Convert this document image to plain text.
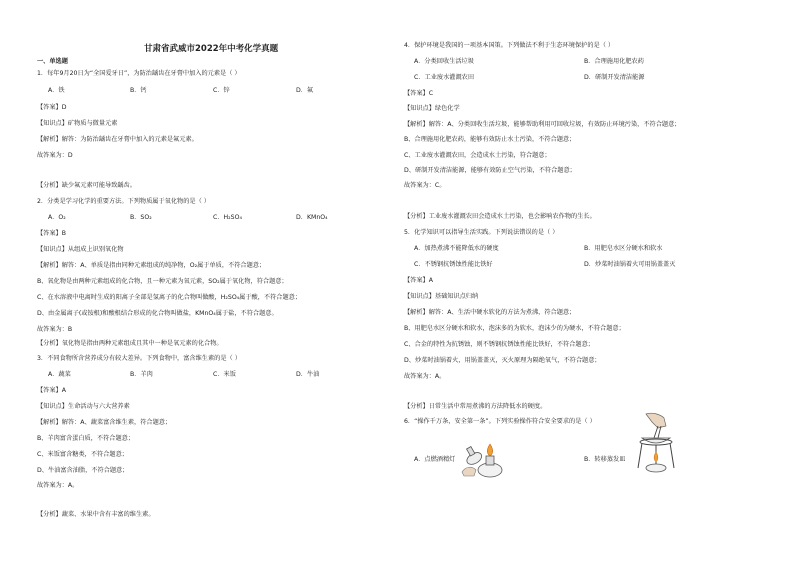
甘肃省武威市2022年中考化学真题
一、单选题
1．每年9月20日为“全国爱牙日”，为防治龋齿在牙膏中加入的元素是（ ）
A．铁	B．钙	C．锌	D．氟
【答案】D
【知识点】矿物质与微量元素
【解析】解答：为防治龋齿在牙膏中加入的元素是氟元素。
故答案为：D
【分析】缺少氟元素可能导致龋齿。
2．分类是学习化学的重要方法。下列物质属于氧化物的是（ ）
A．O₂	B．SO₂	C．H₂SO₄	D．KMnO₄
【答案】B
【知识点】从组成上识别氧化物
【解析】解答：A、单质是指由同种元素组成的纯净物，O₂属于单质，不符合题意；
B、氧化物是由两种元素组成的化合物，且一种元素为氧元素，SO₂属于氧化物，符合题意；
C、在水溶液中电离时生成的阳离子全部是氢离子的化合物叫做酸，H₂SO₄属于酸，不符合题意；
D、由金属离子(或铵根)和酸根结合形成的化合物叫做盐，KMnO₄属于盐，不符合题意。
故答案为：B
【分析】氧化物是指由两种元素组成且其中一种是氧元素的化合物。
3．不同食物所含营养成分有较大差异。下列食物中，富含维生素的是（ ）
A．蔬菜	B．羊肉	C．米饭	D．牛油
【答案】A
【知识点】生命活动与六大营养素
【解析】解答：A、蔬菜富含维生素，符合题意；
B、羊肉富含蛋白质，不符合题意；
C、米饭富含糖类，不符合题意；
D、牛油富含油脂，不符合题意；
故答案为：A。
【分析】蔬菜、水果中含有丰富的维生素。
4．保护环境是我国的一项基本国策。下列做法不利于生态环境保护的是（ ）
A．分类回收生活垃圾	B．合理施用化肥农药
C．工业废水灌溉农田	D．研制开发清洁能源
【答案】C
【知识点】绿色化学
【解析】解答：A、分类回收生活垃圾，能够帮助利用可回收垃圾，有效防止环境污染，不符合题意；
B、合理施用化肥农药，能够有效防止水土污染，不符合题意；
C、工业废水灌溉农田，会造成水土污染，符合题意；
D、研制开发清洁能源，能够有效防止空气污染，不符合题意；
故答案为：C。
【分析】工业废水灌溉农田会造成水土污染，也会影响农作物的生长。
5．化学知识可以指导生活实践。下列说法错误的是（ ）
A．加热煮沸不能降低水的硬度	B．用肥皂水区分硬水和软水
C．不锈钢抗锈蚀性能比铁好	D．炒菜时油锅着火可用锅盖盖灭
【答案】A
【知识点】基础知识点归纳
【解析】解答：A、生活中硬水软化的方法为煮沸，符合题意；
B、用肥皂水区分硬水和软水，泡沫多的为软水，泡沫少的为硬水，不符合题意；
C、合金的特性为抗锈蚀，则不锈钢抗锈蚀性能比铁好，不符合题意；
D、炒菜时油锅着火，用锅盖盖灭，灭火原理为隔绝氧气，不符合题意；
故答案为：A。
【分析】日常生活中常用煮沸的方法降低水的硬度。
6．“操作千万条，安全第一条”。下列实验操作符合安全要求的是（ ）
A．点燃酒精灯	B．转移蒸发皿
